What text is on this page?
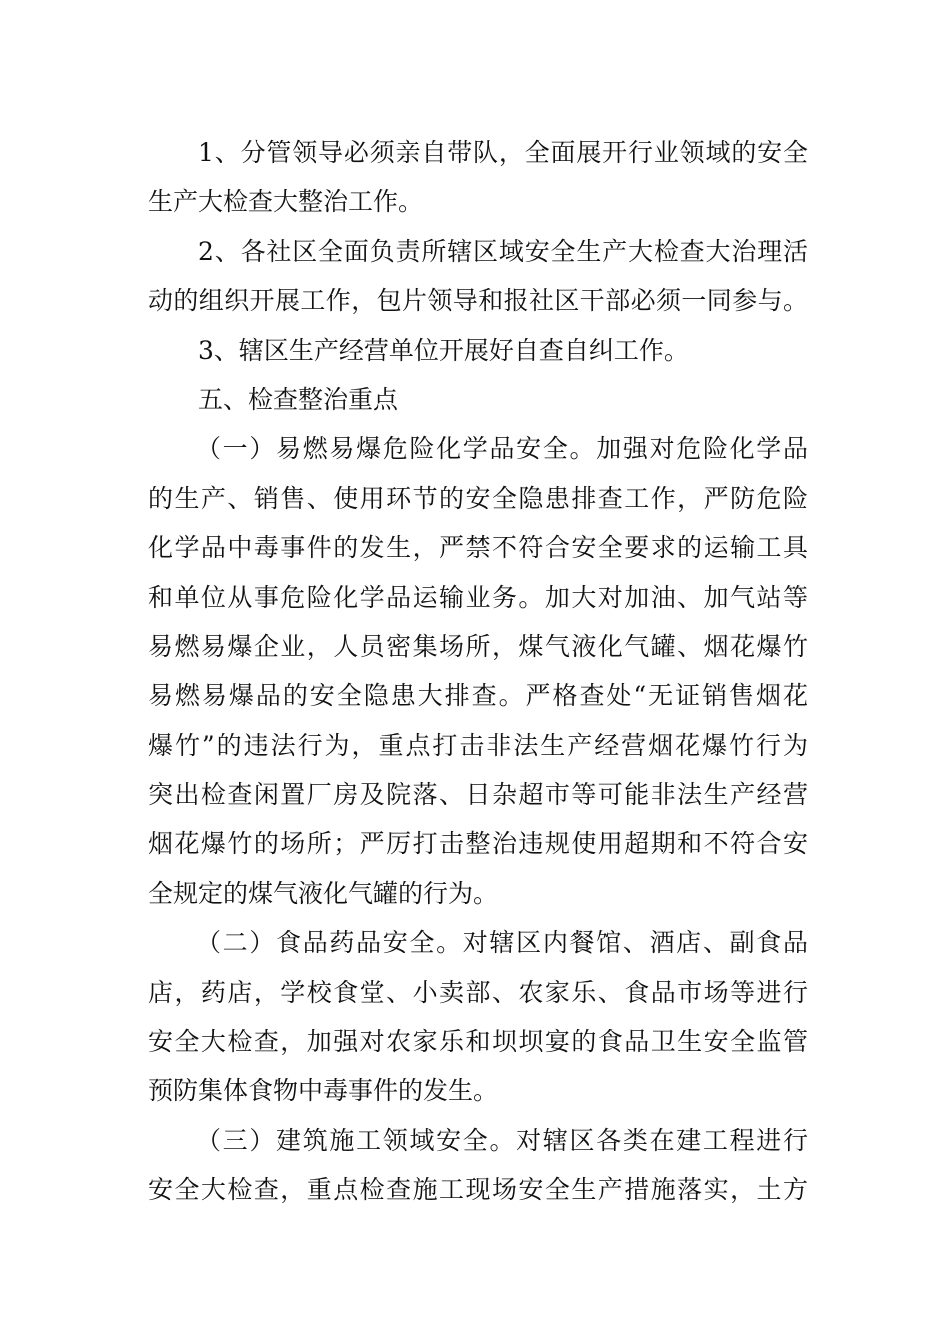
1、分管领导必须亲自带队，全面展开行业领域的安全

生产大检查大整治工作。

2、各社区全面负责所辖区域安全生产大检查大治理活

动的组织开展工作，包片领导和报社区干部必须一同参与。

3、辖区生产经营单位开展好自查自纠工作。

五、检查整治重点

（一）易燃易爆危险化学品安全。加强对危险化学品

的生产、销售、使用环节的安全隐患排查工作，严防危险

化学品中毒事件的发生，严禁不符合安全要求的运输工具

和单位从事危险化学品运输业务。加大对加油、加气站等

易燃易爆企业，人员密集场所，煤气液化气罐、烟花爆竹

易燃易爆品的安全隐患大排查。严格查处“无证销售烟花

爆竹”的违法行为，重点打击非法生产经营烟花爆竹行为

突出检查闲置厂房及院落、日杂超市等可能非法生产经营

烟花爆竹的场所；严厉打击整治违规使用超期和不符合安

全规定的煤气液化气罐的行为。

（二）食品药品安全。对辖区内餐馆、酒店、副食品

店，药店，学校食堂、小卖部、农家乐、食品市场等进行

安全大检查，加强对农家乐和坝坝宴的食品卫生安全监管

预防集体食物中毒事件的发生。

（三）建筑施工领域安全。对辖区各类在建工程进行

安全大检查，重点检查施工现场安全生产措施落实，土方
